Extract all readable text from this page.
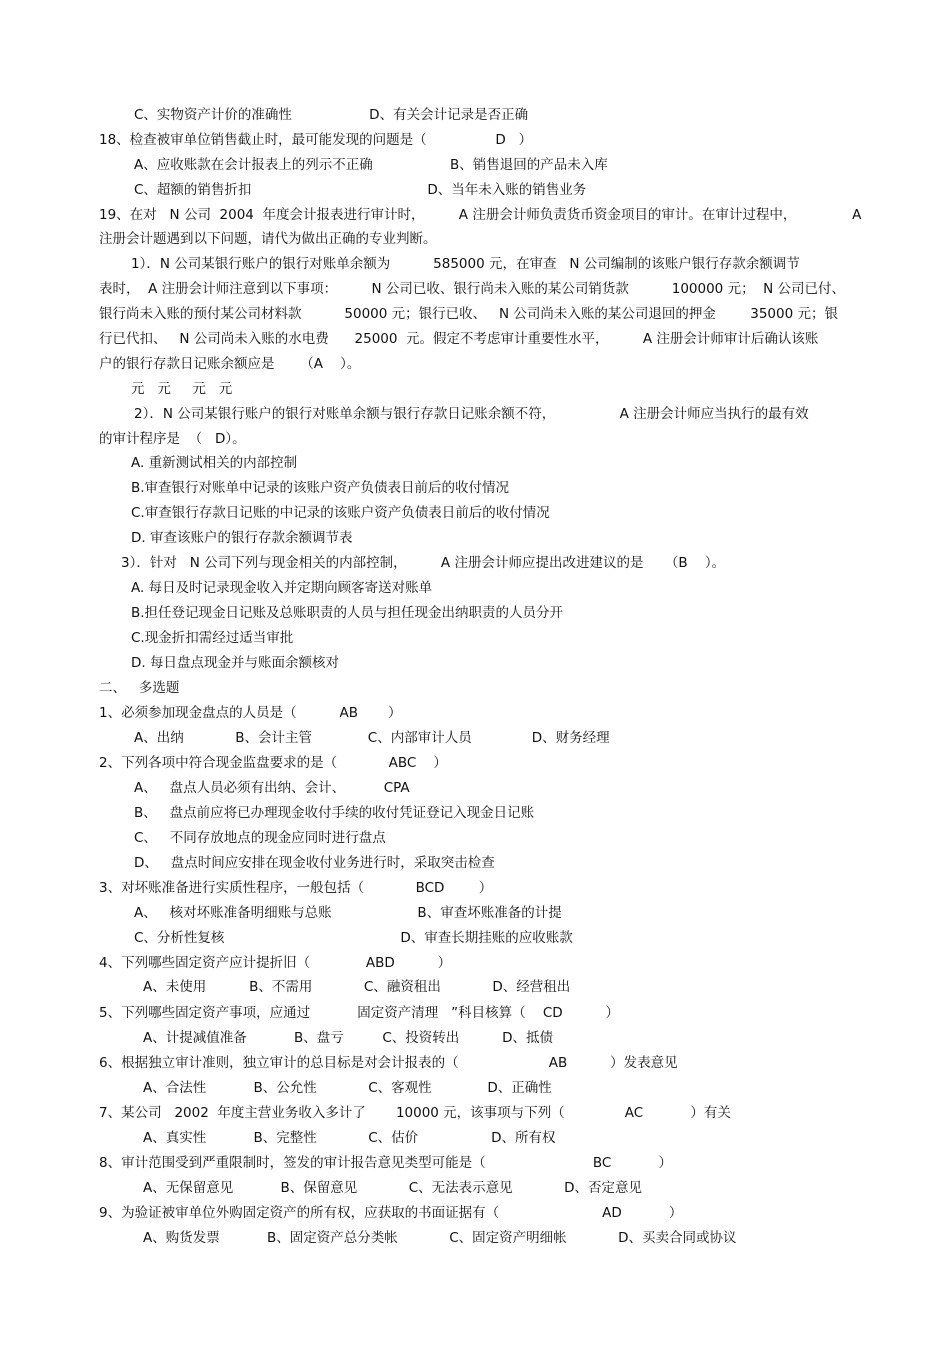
C、实物资产计价的准确性                  D、有关会计记录是否正确
18、检查被审单位销售截止时，最可能发现的问题是（                D   ）
A、应收账款在会计报表上的列示不正确                  B、销售退回的产品未入库
C、超额的销售折扣                                         D、当年未入账的销售业务
19、在对   N 公司  2004  年度会计报表进行审计时，        A 注册会计师负责货币资金项目的审计。在审计过程中，             A
注册会计题遇到以下问题，请代为做出正确的专业判断。
1）．N 公司某银行账户的银行对账单余额为          585000 元，在审查   N 公司编制的该账户银行存款余额调节
表时，  A 注册会计师注意到以下事项：        N 公司已收、银行尚未入账的某公司销货款          100000 元；  N 公司已付、
银行尚未入账的预付某公司材料款          50000 元；银行已收、   N 公司尚未入账的某公司退回的押金        35000 元；银
行已代扣、   N 公司尚未入账的水电费      25000  元。假定不考虑审计重要性水平，        A 注册会计师审计后确认该账
户的银行存款日记账余额应是      （A    ）。
元   元     元   元
2）．N 公司某银行账户的银行对账单余额与银行存款日记账余额不符，               A 注册会计师应当执行的最有效
的审计程序是  （   D）。
A. 重新测试相关的内部控制
B.审查银行对账单中记录的该账户资产负债表日前后的收付情况
C.审查银行存款日记账的中记录的该账户资产负债表日前后的收付情况
D. 审查该账户的银行存款余额调节表
3）．针对   N 公司下列与现金相关的内部控制，        A 注册会计师应提出改进建议的是     （B    ）。
A. 每日及时记录现金收入并定期向顾客寄送对账单
B.担任登记现金日记账及总账职责的人员与担任现金出纳职责的人员分开
C.现金折扣需经过适当审批
D. 每日盘点现金并与账面余额核对
二、   多选题
1、必须参加现金盘点的人员是（          AB       ）
A、出纳            B、会计主管             C、内部审计人员              D、财务经理
2、下列各项中符合现金监盘要求的是（            ABC    ）
A、   盘点人员必须有出纳、会计、         CPA
B、   盘点前应将已办理现金收付手续的收付凭证登记入现金日记账
C、   不同存放地点的现金应同时进行盘点
D、   盘点时间应安排在现金收付业务进行时，采取突击检查
3、对坏账准备进行实质性程序，一般包括（            BCD        ）
A、   核对坏账准备明细账与总账                    B、审查坏账准备的计提
C、分析性复核                                         D、审查长期挂账的应收账款
4、下列哪些固定资产应计提折旧（             ABD          ）
A、未使用          B、不需用            C、融资租出            D、经营租出
5、下列哪些固定资产事项，应通过           固定资产清理   ”科目核算（    CD          ）
A、计提减值准备           B、盘亏         C、投资转出          D、抵债
6、根据独立审计准则，独立审计的总目标是对会计报表的（                     AB          ）发表意见
A、合法性           B、公允性            C、客观性             D、正确性
7、某公司   2002  年度主营业务收入多计了       10000 元，该事项与下列（              AC           ）有关
A、真实性           B、完整性            C、估价                 D、所有权
8、审计范围受到严重限制时，签发的审计报告意见类型可能是（                         BC           ）
A、无保留意见           B、保留意见            C、无法表示意见            D、否定意见
9、为验证被审单位外购固定资产的所有权，应获取的书面证据有（                        AD           ）
A、购货发票           B、固定资产总分类帐            C、固定资产明细帐            D、买卖合同或协议
